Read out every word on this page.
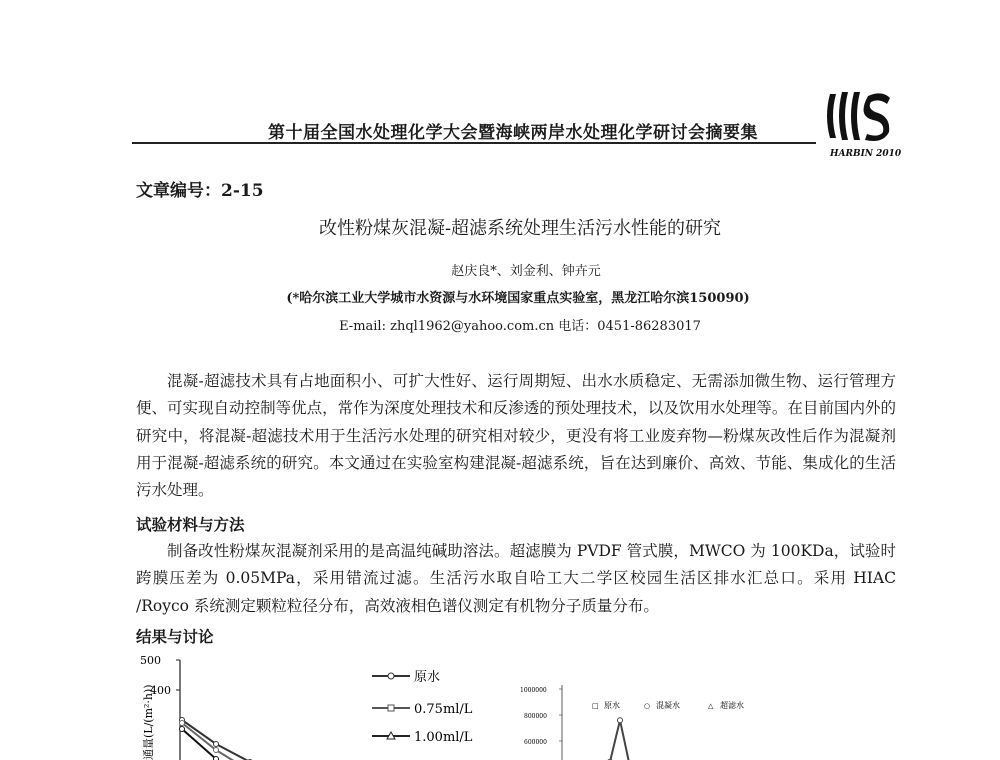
第十届全国水处理化学大会暨海峡两岸水处理化学研讨会摘要集
HARBIN 2010
文章编号：2-15
改性粉煤灰混凝-超滤系统处理生活污水性能的研究
赵庆良*、刘金利、钟卉元
(*哈尔滨工业大学城市水资源与水环境国家重点实验室，黑龙江哈尔滨150090)
E-mail: zhql1962@yahoo.com.cn 电话：0451-86283017
混凝-超滤技术具有占地面积小、可扩大性好、运行周期短、出水水质稳定、无需添加微生物、运行管理方便、可实现自动控制等优点，常作为深度处理技术和反渗透的预处理技术，以及饮用水处理等。在目前国内外的研究中，将混凝-超滤技术用于生活污水处理的研究相对较少，更没有将工业废弃物—粉煤灰改性后作为混凝剂用于混凝-超滤系统的研究。本文通过在实验室构建混凝-超滤系统，旨在达到廉价、高效、节能、集成化的生活污水处理。
试验材料与方法
制备改性粉煤灰混凝剂采用的是高温纯碱助溶法。超滤膜为 PVDF 管式膜，MWCO 为 100KDa，试验时跨膜压差为 0.05MPa，采用错流过滤。生活污水取自哈工大二学区校园生活区排水汇总口。采用 HIAC /Royco 系统测定颗粒粒径分布，高效液相色谱仪测定有机物分子质量分布。
结果与讨论
500
400
通量(L/(m²·h))
原水
0.75ml/L
1.00ml/L
1000000
800000
600000
□ 原水	○ 混凝水	△ 超滤水
